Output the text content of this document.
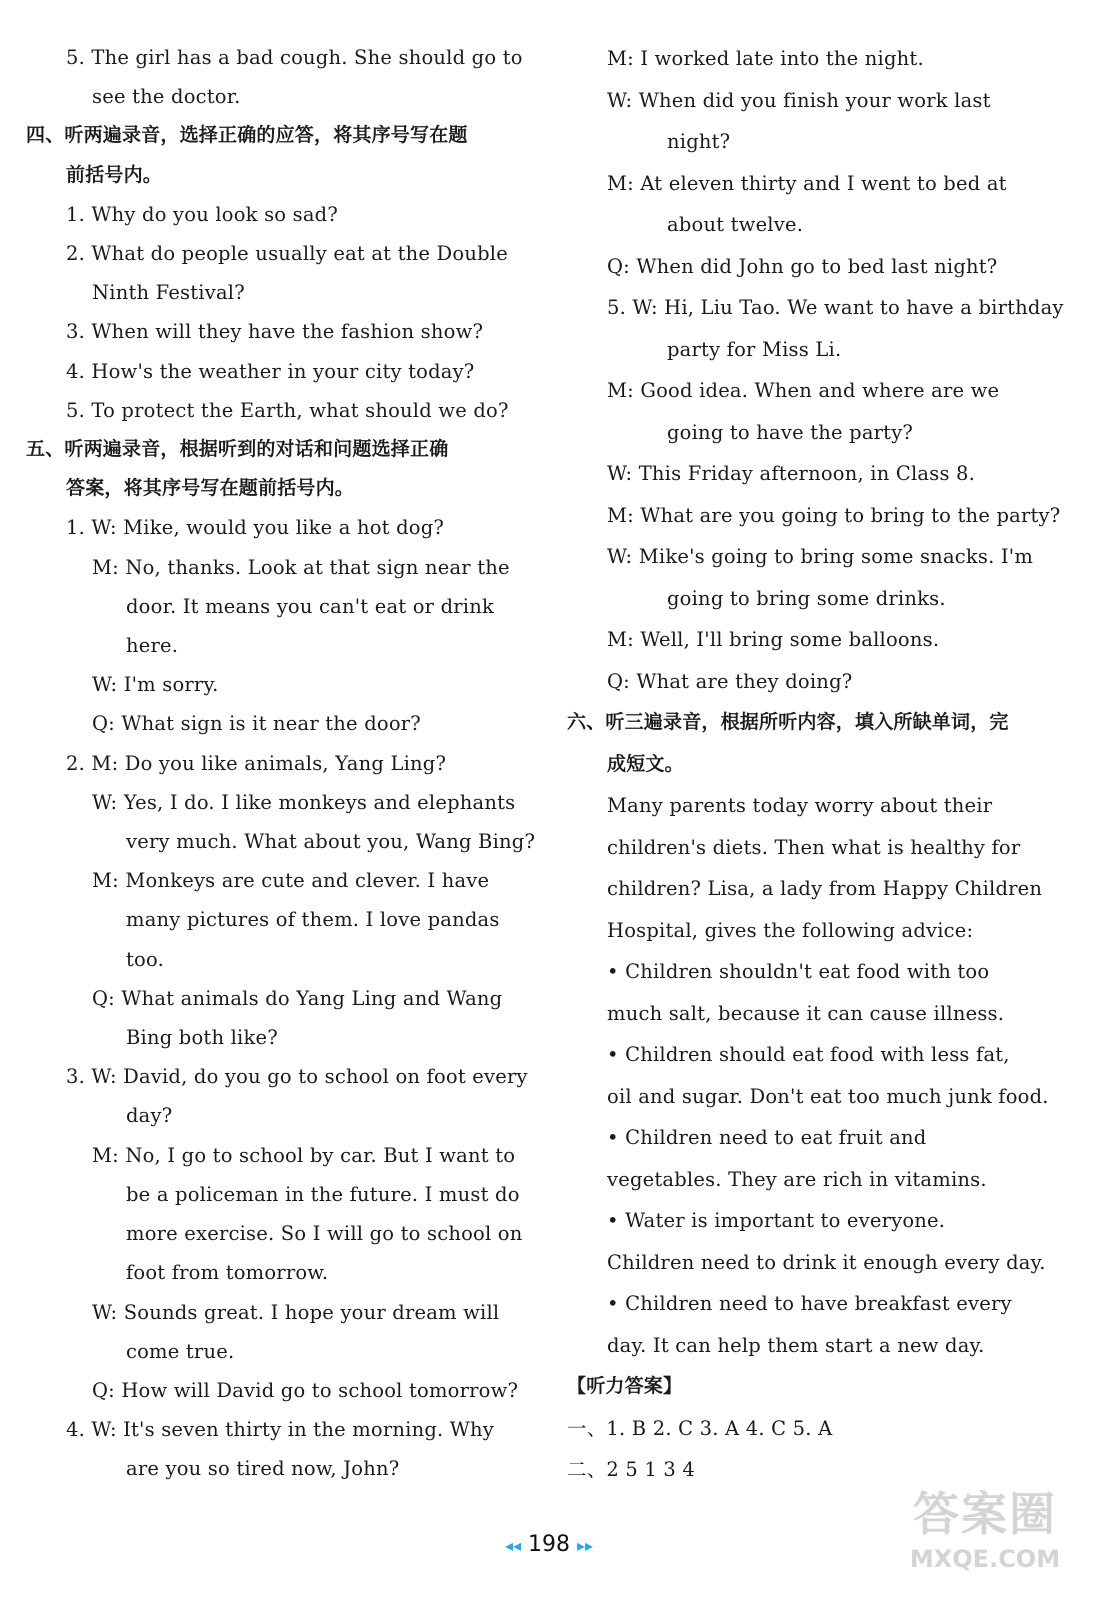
5. The girl has a bad cough. She should go to
see the doctor.
四、听两遍录音，选择正确的应答，将其序号写在题
前括号内。
1. Why do you look so sad?
2. What do people usually eat at the Double
Ninth Festival?
3. When will they have the fashion show?
4. How's the weather in your city today?
5. To protect the Earth, what should we do?
五、听两遍录音，根据听到的对话和问题选择正确
答案，将其序号写在题前括号内。
1. W: Mike, would you like a hot dog?
M: No, thanks. Look at that sign near the
door. It means you can't eat or drink
here.
W: I'm sorry.
Q: What sign is it near the door?
2. M: Do you like animals, Yang Ling?
W: Yes, I do. I like monkeys and elephants
very much. What about you, Wang Bing?
M: Monkeys are cute and clever. I have
many pictures of them. I love pandas
too.
Q: What animals do Yang Ling and Wang
Bing both like?
3. W: David, do you go to school on foot every
day?
M: No, I go to school by car. But I want to
be a policeman in the future. I must do
more exercise. So I will go to school on
foot from tomorrow.
W: Sounds great. I hope your dream will
come true.
Q: How will David go to school tomorrow?
4. W: It's seven thirty in the morning. Why
are you so tired now, John?
M: I worked late into the night.
W: When did you finish your work last
night?
M: At eleven thirty and I went to bed at
about twelve.
Q: When did John go to bed last night?
5. W: Hi, Liu Tao. We want to have a birthday
party for Miss Li.
M: Good idea. When and where are we
going to have the party?
W: This Friday afternoon, in Class 8.
M: What are you going to bring to the party?
W: Mike's going to bring some snacks. I'm
going to bring some drinks.
M: Well, I'll bring some balloons.
Q: What are they doing?
六、听三遍录音，根据所听内容，填入所缺单词，完
成短文。
Many parents today worry about their
children's diets. Then what is healthy for
children? Lisa, a lady from Happy Children
Hospital, gives the following advice:
• Children shouldn't eat food with too
much salt, because it can cause illness.
• Children should eat food with less fat,
oil and sugar. Don't eat too much junk food.
• Children need to eat fruit and
vegetables. They are rich in vitamins.
• Water is important to everyone.
Children need to drink it enough every day.
• Children need to have breakfast every
day. It can help them start a new day.
【听力答案】
一、1. B 2. C 3. A 4. C 5. A
二、2 5 1 3 4
◂◂ 198 ▸▸
答案圈
MXQE.COM
